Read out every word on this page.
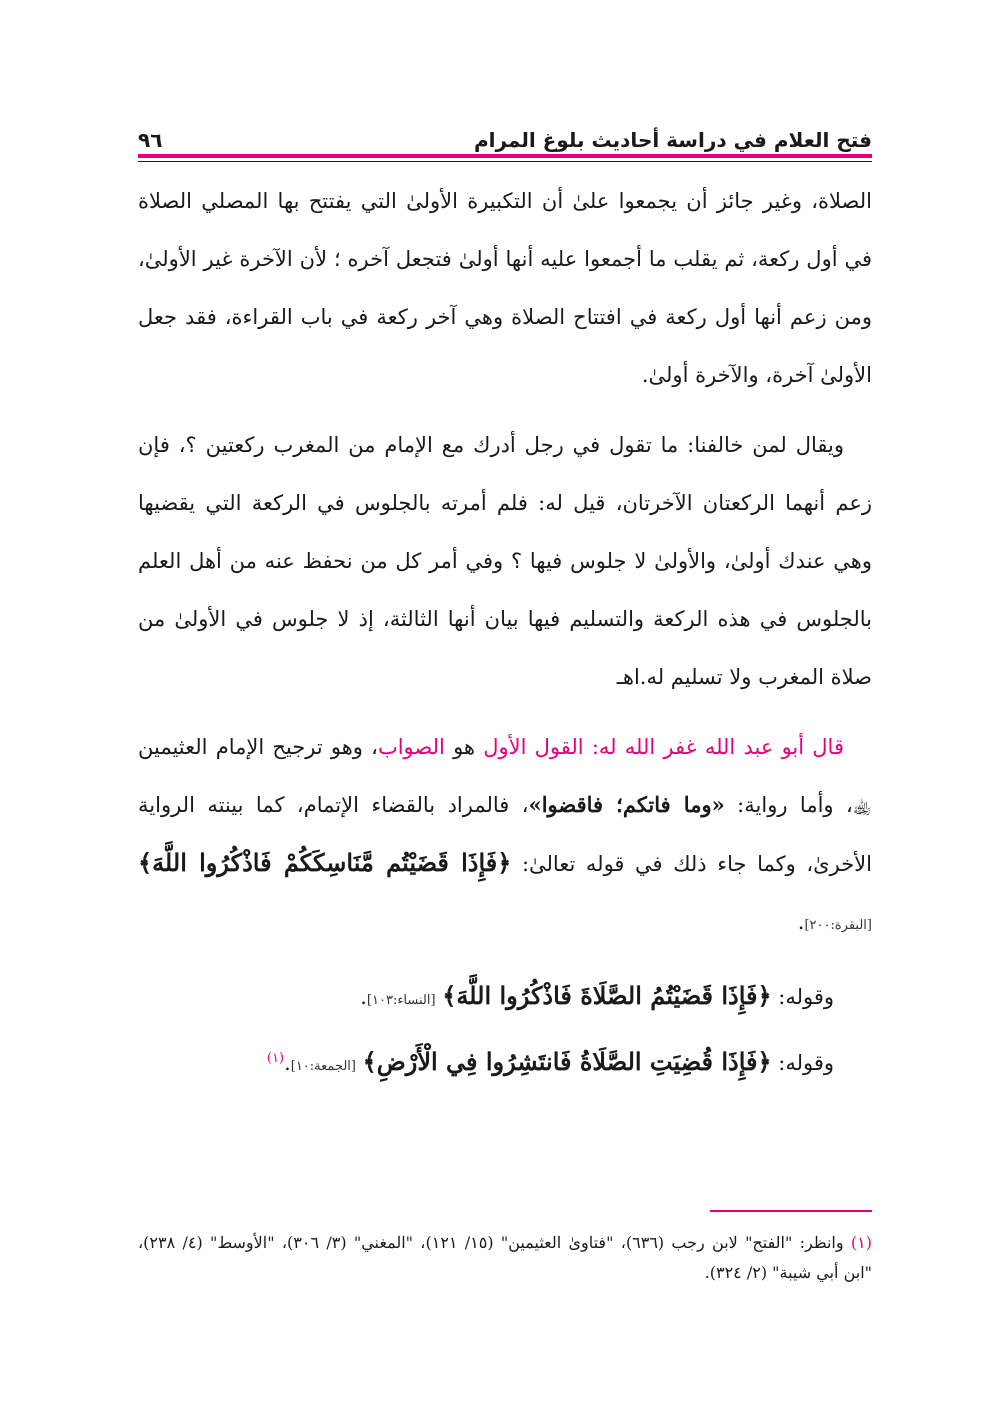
فتح العلام في دراسة أحاديث بلوغ المرام
٩٦

الصلاة، وغير جائز أن يجمعوا علىٰ أن التكبيرة الأولىٰ التي يفتتح بها المصلي الصلاة في أول ركعة، ثم يقلب ما أجمعوا عليه أنها أولىٰ فتجعل آخره ؛ لأن الآخرة غير الأولىٰ، ومن زعم أنها أول ركعة في افتتاح الصلاة وهي آخر ركعة في باب القراءة، فقد جعل الأولىٰ آخرة، والآخرة أولىٰ.

ويقال لمن خالفنا: ما تقول في رجل أدرك مع الإمام من المغرب ركعتين ؟، فإن زعم أنهما الركعتان الآخرتان، قيل له: فلم أمرته بالجلوس في الركعة التي يقضيها وهي عندك أولىٰ، والأولىٰ لا جلوس فيها ؟ وفي أمر كل من نحفظ عنه من أهل العلم بالجلوس في هذه الركعة والتسليم فيها بيان أنها الثالثة، إذ لا جلوس في الأولىٰ من صلاة المغرب ولا تسليم له.اهـ

قال أبو عبد الله غفر الله له: القول الأول هو الصواب، وهو ترجيح الإمام العثيمين ﵀، وأما رواية: «وما فاتكم؛ فاقضوا»، فالمراد بالقضاء الإتمام، كما بينته الرواية الأخرىٰ، وكما جاء ذلك في قوله تعالىٰ: ﴿فَإِذَا قَضَيْتُم مَّنَاسِكَكُمْ فَاذْكُرُوا اللَّهَ﴾ [البقرة:٢٠٠].

وقوله: ﴿فَإِذَا قَضَيْتُمُ الصَّلَاةَ فَاذْكُرُوا اللَّهَ﴾ [النساء:١٠٣].

وقوله: ﴿فَإِذَا قُضِيَتِ الصَّلَاةُ فَانتَشِرُوا فِي الْأَرْضِ﴾ [الجمعة:١٠].$^{(١)}$

(١) وانظر: "الفتح" لابن رجب (٦٣٦)، "فتاوىٰ العثيمين" (١٥/ ١٢١)، "المغني" (٣/ ٣٠٦)، "الأوسط" (٤/ ٢٣٨)، "ابن أبي شيبة" (٢/ ٣٢٤).
